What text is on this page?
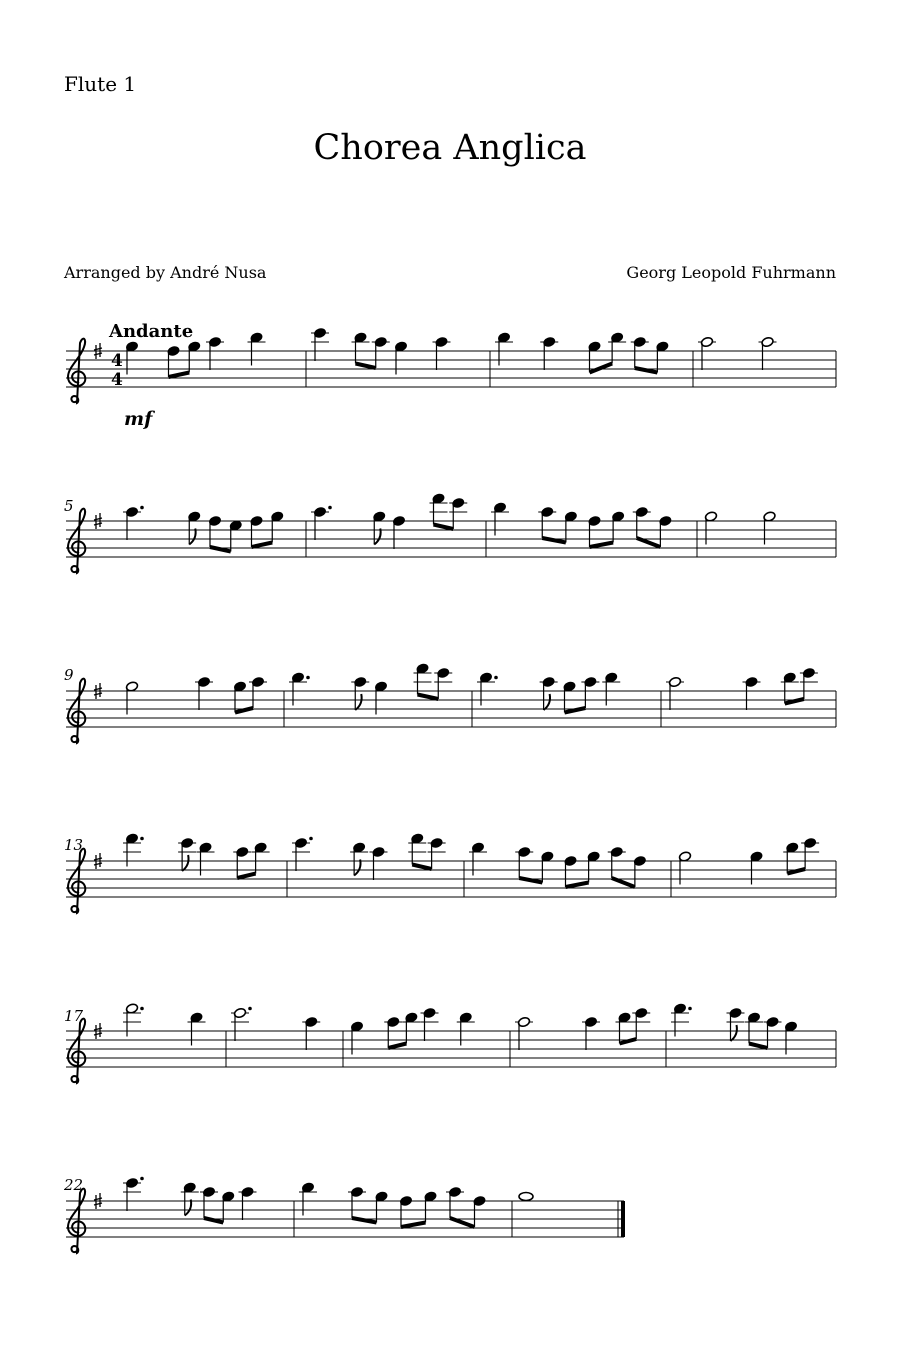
Flute 1
Chorea Anglica
Arranged by André Nusa	Georg Leopold Fuhrmann
Andante
mf
5
9
13
17
22
4
4
